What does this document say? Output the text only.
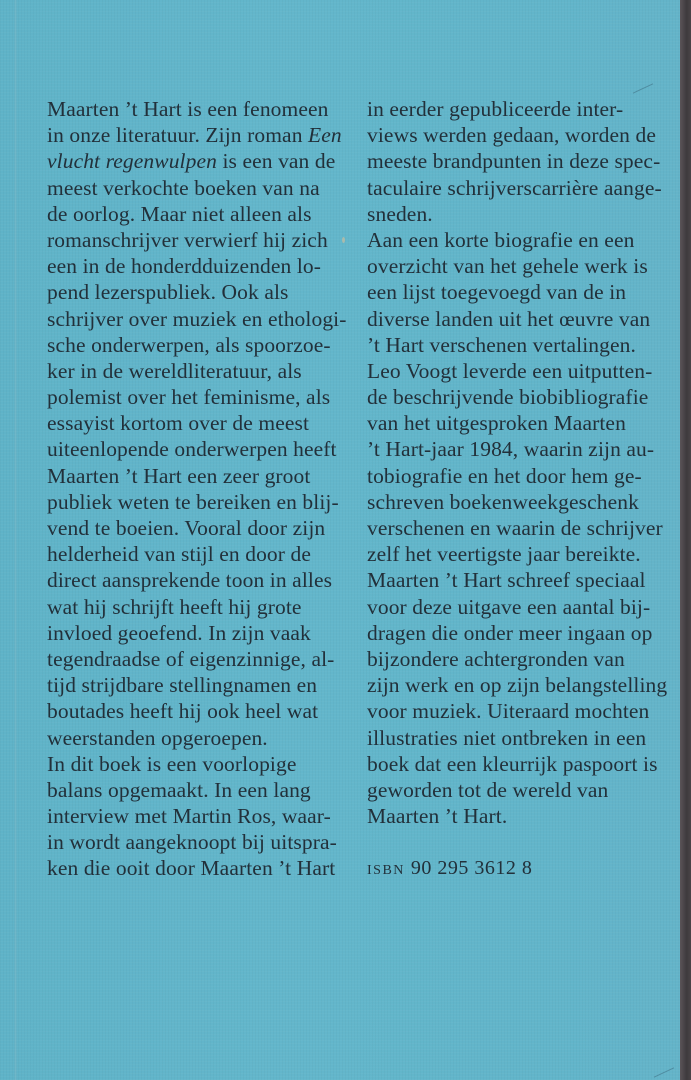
Maarten ’t Hart is een fenomeen
in onze literatuur. Zijn roman Een
vlucht regenwulpen is een van de
meest verkochte boeken van na
de oorlog. Maar niet alleen als
romanschrijver verwierf hij zich
een in de honderdduizenden lo-
pend lezerspubliek. Ook als
schrijver over muziek en ethologi-
sche onderwerpen, als spoorzoe-
ker in de wereldliteratuur, als
polemist over het feminisme, als
essayist kortom over de meest
uiteenlopende onderwerpen heeft
Maarten ’t Hart een zeer groot
publiek weten te bereiken en blij-
vend te boeien. Vooral door zijn
helderheid van stijl en door de
direct aansprekende toon in alles
wat hij schrijft heeft hij grote
invloed geoefend. In zijn vaak
tegendraadse of eigenzinnige, al-
tijd strijdbare stellingnamen en
boutades heeft hij ook heel wat
weerstanden opgeroepen.
In dit boek is een voorlopige
balans opgemaakt. In een lang
interview met Martin Ros, waar-
in wordt aangeknoopt bij uitspra-
ken die ooit door Maarten ’t Hart
in eerder gepubliceerde inter-
views werden gedaan, worden de
meeste brandpunten in deze spec-
taculaire schrijverscarrière aange-
sneden.
Aan een korte biografie en een
overzicht van het gehele werk is
een lijst toegevoegd van de in
diverse landen uit het œuvre van
’t Hart verschenen vertalingen.
Leo Voogt leverde een uitputten-
de beschrijvende biobibliografie
van het uitgesproken Maarten
’t Hart-jaar 1984, waarin zijn au-
tobiografie en het door hem ge-
schreven boekenweekgeschenk
verschenen en waarin de schrijver
zelf het veertigste jaar bereikte.
Maarten ’t Hart schreef speciaal
voor deze uitgave een aantal bij-
dragen die onder meer ingaan op
bijzondere achtergronden van
zijn werk en op zijn belangstelling
voor muziek. Uiteraard mochten
illustraties niet ontbreken in een
boek dat een kleurrijk paspoort is
geworden tot de wereld van
Maarten ’t Hart.
ISBN 90 295 3612 8
